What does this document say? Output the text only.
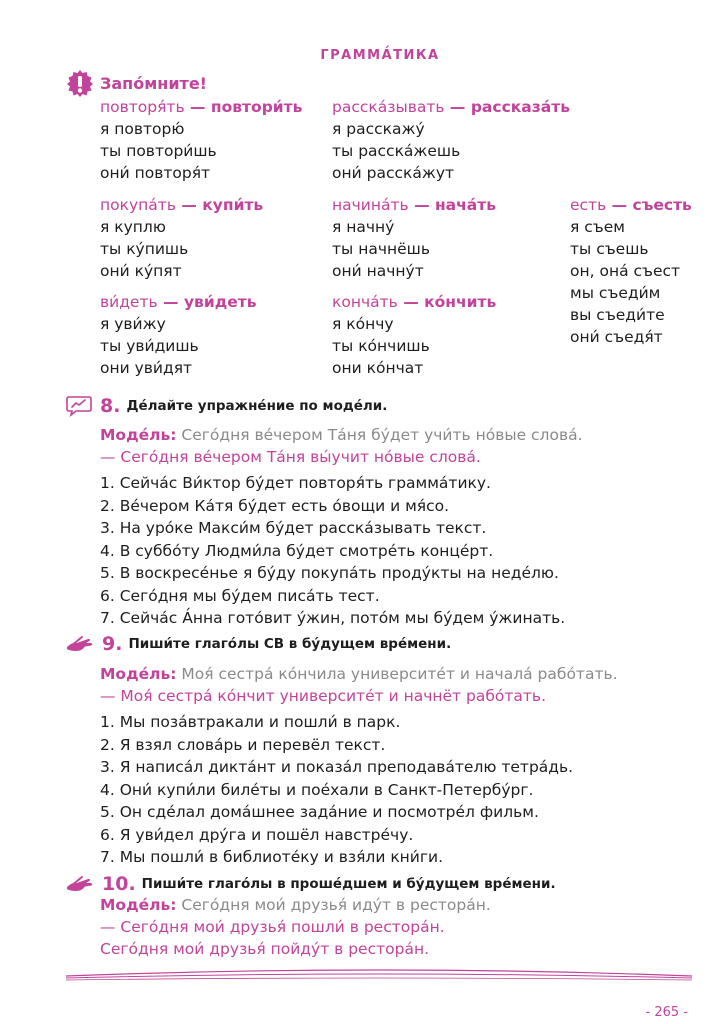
ГРАММА́ТИКА
Запо́мните!
повторя́ть — повтори́ть
я повторю́
ты повтори́шь
они́ повторя́т
расска́зывать — рассказа́ть
я расскажу́
ты расска́жешь
они́ расска́жут
покупа́ть — купи́ть
я куплю
ты ку́пишь
они́ ку́пят
начина́ть — нача́ть
я начну́
ты начнёшь
они́ начну́т
есть — съесть
я съем
ты съешь
он, она́ съест
мы съеди́м
вы съеди́те
они́ съедя́т
ви́деть — уви́деть
я уви́жу
ты уви́дишь
они уви́дят
конча́ть — ко́нчить
я ко́нчу
ты ко́нчишь
они ко́нчат
8. Де́лайте упражне́ние по моде́ли.
Моде́ль: Сего́дня ве́чером Та́ня бу́дет учи́ть но́вые слова́.
— Сего́дня ве́чером Та́ня вы́учит но́вые слова́.
1. Сейча́с Ви́ктор бу́дет повторя́ть грамма́тику.
2. Ве́чером Ка́тя бу́дет есть о́вощи и мя́со.
3. На уро́ке Макси́м бу́дет расска́зывать текст.
4. В суббо́ту Людми́ла бу́дет смотре́ть конце́рт.
5. В воскресе́нье я бу́ду покупа́ть проду́кты на неде́лю.
6. Сего́дня мы бу́дем писа́ть тест.
7. Сейча́с А́нна гото́вит у́жин, пото́м мы бу́дем у́жинать.
9. Пиши́те глаго́лы СВ в бу́дущем вре́мени.
Моде́ль: Моя́ сестра́ ко́нчила университе́т и начала́ рабо́тать.
— Моя́ сестра́ ко́нчит университе́т и начнёт рабо́тать.
1. Мы поза́втракали и пошли́ в парк.
2. Я взял слова́рь и перевёл текст.
3. Я написа́л дикта́нт и показа́л преподава́телю тетра́дь.
4. Они́ купи́ли биле́ты и пое́хали в Санкт-Петербу́рг.
5. Он сде́лал дома́шнее зада́ние и посмотре́л фильм.
6. Я уви́дел дру́га и пошёл навстре́чу.
7. Мы пошли́ в библиоте́ку и взя́ли кни́ги.
10. Пиши́те глаго́лы в проше́дшем и бу́дущем вре́мени.
Моде́ль: Сего́дня мои́ друзья́ иду́т в рестора́н.
— Сего́дня мои́ друзья́ пошли́ в рестора́н.
Сего́дня мои́ друзья́ пойду́т в рестора́н.
- 265 -
